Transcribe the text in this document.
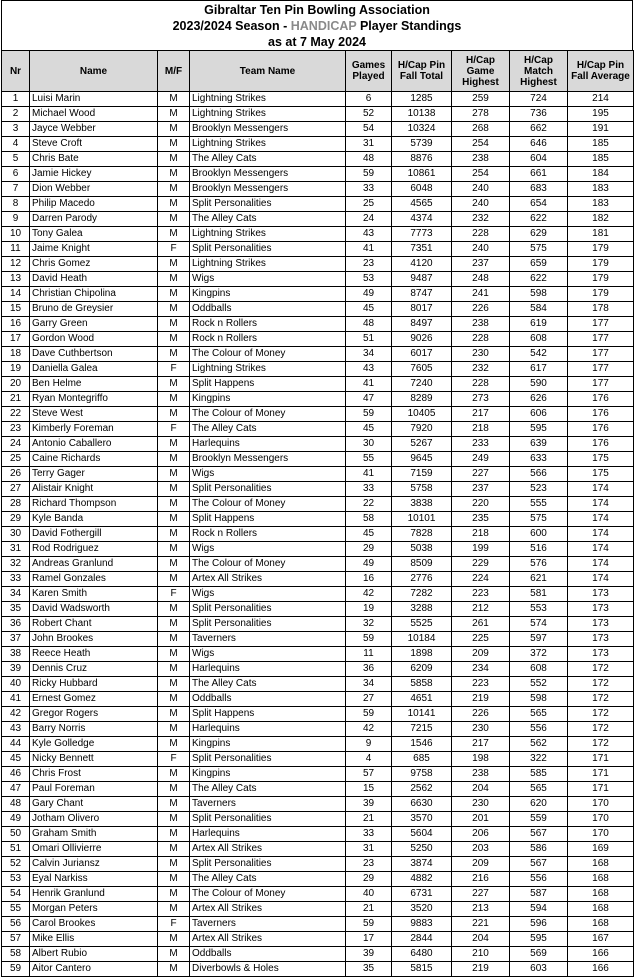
Gibraltar Ten Pin Bowling Association
2023/2024 Season - HANDICAP Player Standings
as at 7 May 2024
Nr	Name	M/F	Team Name	Games Played	H/Cap Pin Fall Total	H/Cap Game Highest	H/Cap Match Highest	H/Cap Pin Fall Average
1	Luisi Marin	M	Lightning Strikes	6	1285	259	724	214
2	Michael Wood	M	Lightning Strikes	52	10138	278	736	195
3	Jayce Webber	M	Brooklyn Messengers	54	10324	268	662	191
4	Steve Croft	M	Lightning Strikes	31	5739	254	646	185
5	Chris Bate	M	The Alley Cats	48	8876	238	604	185
6	Jamie Hickey	M	Brooklyn Messengers	59	10861	254	661	184
7	Dion Webber	M	Brooklyn Messengers	33	6048	240	683	183
8	Philip Macedo	M	Split Personalities	25	4565	240	654	183
9	Darren Parody	M	The Alley Cats	24	4374	232	622	182
10	Tony Galea	M	Lightning Strikes	43	7773	228	629	181
11	Jaime Knight	F	Split Personalities	41	7351	240	575	179
12	Chris Gomez	M	Lightning Strikes	23	4120	237	659	179
13	David Heath	M	Wigs	53	9487	248	622	179
14	Christian Chipolina	M	Kingpins	49	8747	241	598	179
15	Bruno de Greysier	M	Oddballs	45	8017	226	584	178
16	Garry Green	M	Rock n Rollers	48	8497	238	619	177
17	Gordon Wood	M	Rock n Rollers	51	9026	228	608	177
18	Dave Cuthbertson	M	The Colour of Money	34	6017	230	542	177
19	Daniella Galea	F	Lightning Strikes	43	7605	232	617	177
20	Ben Helme	M	Split Happens	41	7240	228	590	177
21	Ryan Montegriffo	M	Kingpins	47	8289	273	626	176
22	Steve West	M	The Colour of Money	59	10405	217	606	176
23	Kimberly Foreman	F	The Alley Cats	45	7920	218	595	176
24	Antonio Caballero	M	Harlequins	30	5267	233	639	176
25	Caine Richards	M	Brooklyn Messengers	55	9645	249	633	175
26	Terry Gager	M	Wigs	41	7159	227	566	175
27	Alistair Knight	M	Split Personalities	33	5758	237	523	174
28	Richard Thompson	M	The Colour of Money	22	3838	220	555	174
29	Kyle Banda	M	Split Happens	58	10101	235	575	174
30	David Fothergill	M	Rock n Rollers	45	7828	218	600	174
31	Rod Rodriguez	M	Wigs	29	5038	199	516	174
32	Andreas Granlund	M	The Colour of Money	49	8509	229	576	174
33	Ramel Gonzales	M	Artex All Strikes	16	2776	224	621	174
34	Karen Smith	F	Wigs	42	7282	223	581	173
35	David Wadsworth	M	Split Personalities	19	3288	212	553	173
36	Robert Chant	M	Split Personalities	32	5525	261	574	173
37	John Brookes	M	Taverners	59	10184	225	597	173
38	Reece Heath	M	Wigs	11	1898	209	372	173
39	Dennis Cruz	M	Harlequins	36	6209	234	608	172
40	Ricky Hubbard	M	The Alley Cats	34	5858	223	552	172
41	Ernest Gomez	M	Oddballs	27	4651	219	598	172
42	Gregor Rogers	M	Split Happens	59	10141	226	565	172
43	Barry Norris	M	Harlequins	42	7215	230	556	172
44	Kyle Golledge	M	Kingpins	9	1546	217	562	172
45	Nicky Bennett	F	Split Personalities	4	685	198	322	171
46	Chris Frost	M	Kingpins	57	9758	238	585	171
47	Paul Foreman	M	The Alley Cats	15	2562	204	565	171
48	Gary Chant	M	Taverners	39	6630	230	620	170
49	Jotham Olivero	M	Split Personalities	21	3570	201	559	170
50	Graham Smith	M	Harlequins	33	5604	206	567	170
51	Omari Ollivierre	M	Artex All Strikes	31	5250	203	586	169
52	Calvin Juriansz	M	Split Personalities	23	3874	209	567	168
53	Eyal Narkiss	M	The Alley Cats	29	4882	216	556	168
54	Henrik Granlund	M	The Colour of Money	40	6731	227	587	168
55	Morgan Peters	M	Artex All Strikes	21	3520	213	594	168
56	Carol Brookes	F	Taverners	59	9883	221	596	168
57	Mike Ellis	M	Artex All Strikes	17	2844	204	595	167
58	Albert Rubio	M	Oddballs	39	6480	210	569	166
59	Aitor Cantero	M	Diverbowls & Holes	35	5815	219	603	166
